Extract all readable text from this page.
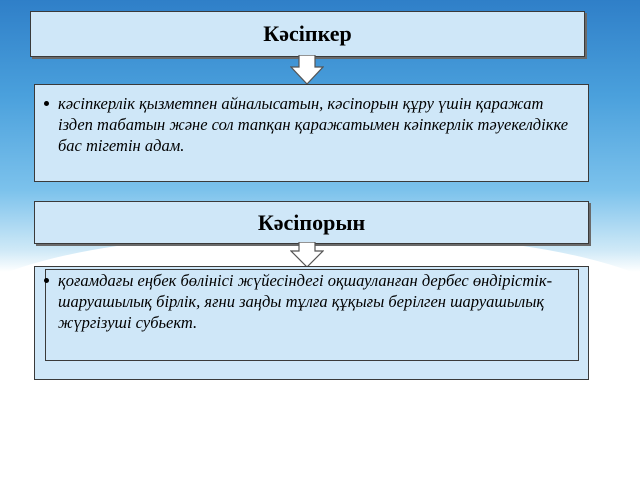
Кәсіпкер
кәсіпкерлік қызметпен айналысатын, кәсіпорын құру үшін қаражат іздеп табатын және сол тапқан қаражатымен кәіпкерлік тәуекелдікке бас тігетін адам.
Кәсіпорын
қоғамдағы еңбек бөлінісі жүйесіндегі оқшауланған дербес өндірістік-шаруашылық бірлік, яғни заңды тұлға құқығы берілген шаруашылық жүргізуші субьект.
